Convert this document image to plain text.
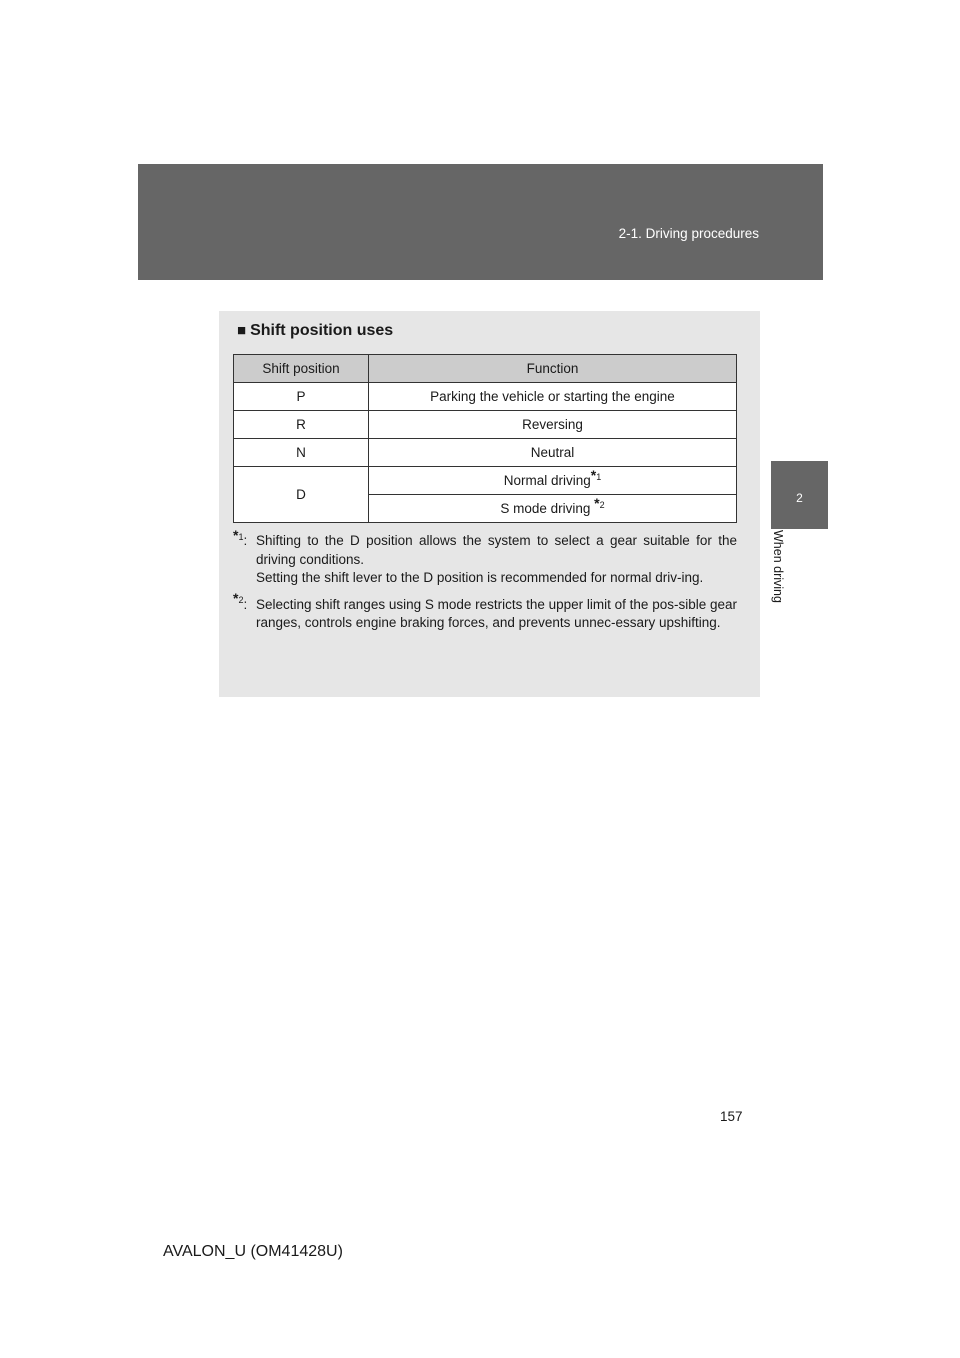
2-1. Driving procedures
2
When driving
■ Shift position uses
Shift position	Function
P	Parking the vehicle or starting the engine
R	Reversing
N	Neutral
D	Normal driving$^{*1}$
	S mode driving $^{*2}$
$^{*1}$: Shifting to the D position allows the system to select a gear suitable for the driving conditions.
Setting the shift lever to the D position is recommended for normal driv-ing.
$^{*2}$: Selecting shift ranges using S mode restricts the upper limit of the pos-sible gear ranges, controls engine braking forces, and prevents unnec-essary upshifting.
157
AVALON_U (OM41428U)
